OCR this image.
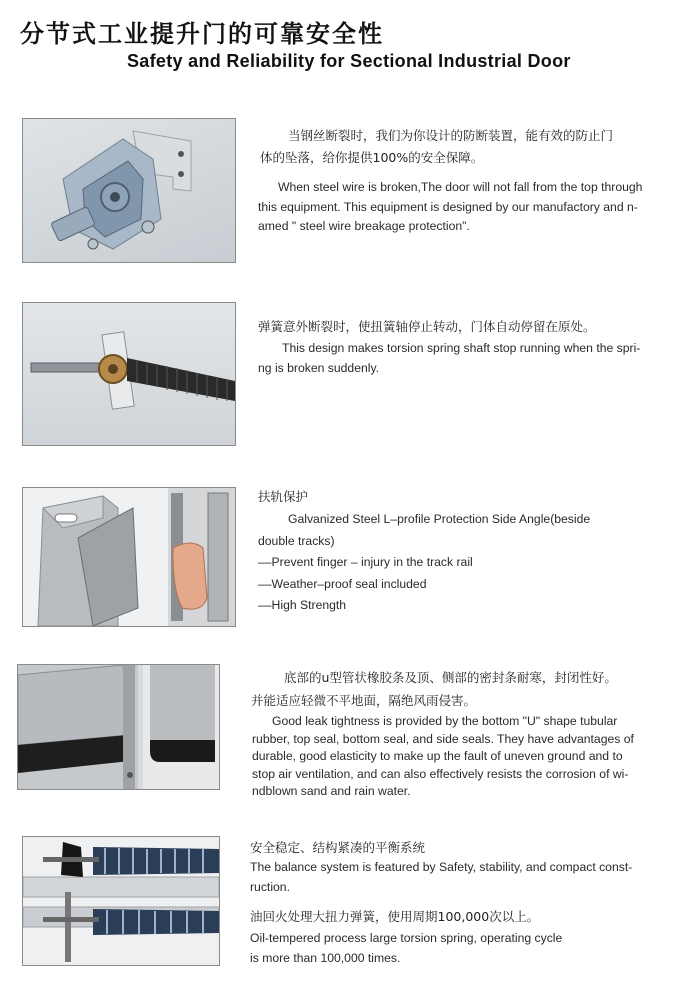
分节式工业提升门的可靠安全性
Safety and Reliability for Sectional Industrial Door
当钢丝断裂时，我们为你设计的防断装置，能有效的防止门
体的坠落，给你提供100%的安全保障。
When steel wire is broken,The door will not fall from the top through
this equipment. This equipment is designed by our manufactory and n-
amed " steel wire breakage protection".
弹簧意外断裂时，使扭簧轴停止转动，门体自动停留在原处。
This design makes torsion spring shaft stop running when the spri-
ng is broken suddenly.
扶轨保护
Galvanized Steel L–profile Protection Side Angle(beside
double tracks)
––Prevent finger – injury in the track rail
––Weather–proof seal included
––High Strength
底部的u型管状橡胶条及顶、侧部的密封条耐寒，封闭性好。
并能适应轻微不平地面，隔绝风雨侵害。
Good leak tightness is provided by the bottom "U" shape tubular
rubber, top seal, bottom seal, and side seals. They have advantages of
durable, good elasticity to make up the fault of uneven ground and to
stop air ventilation, and can also effectively resists the corrosion of wi-
ndblown sand and rain water.
安全稳定、结构紧凑的平衡系统
The balance system is featured by Safety, stability, and compact const-
ruction.
油回火处理大扭力弹簧，使用周期100,000次以上。
Oil-tempered process large torsion spring, operating cycle
is more than 100,000 times.
